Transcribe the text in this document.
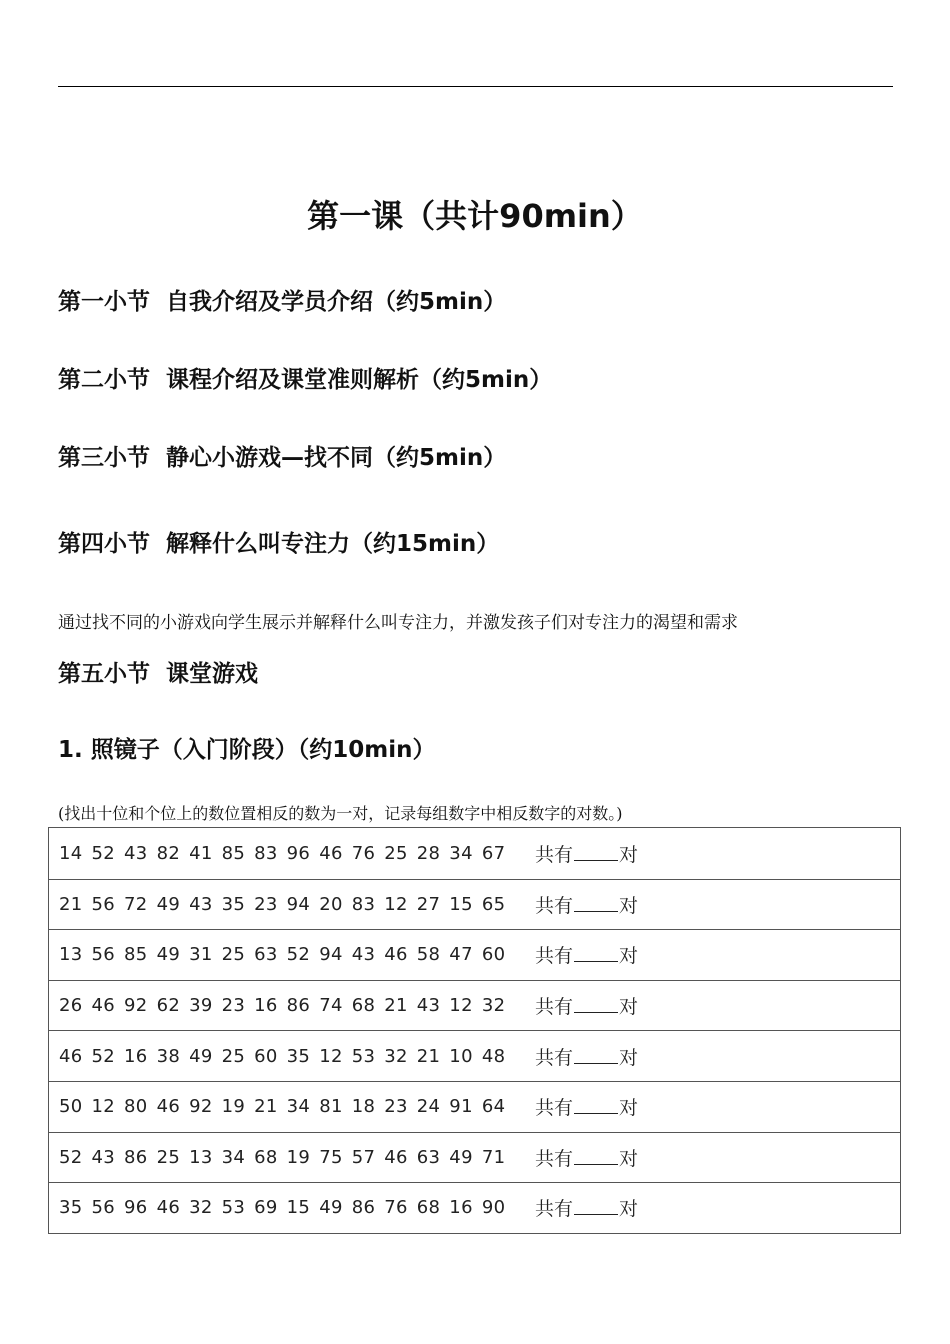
第一课（共计90min）
第一小节 自我介绍及学员介绍（约5min）
第二小节 课程介绍及课堂准则解析（约5min）
第三小节 静心小游戏—找不同（约5min）
第四小节 解释什么叫专注力（约15min）
通过找不同的小游戏向学生展示并解释什么叫专注力，并激发孩子们对专注力的渴望和需求
第五小节 课堂游戏
1. 照镜子（入门阶段）（约10min）
(找出十位和个位上的数位置相反的数为一对，记录每组数字中相反数字的对数。)
14 52 43 82 41 85 83 96 46 76 25 28 34 67	共有 对
21 56 72 49 43 35 23 94 20 83 12 27 15 65	共有 对
13 56 85 49 31 25 63 52 94 43 46 58 47 60	共有 对
26 46 92 62 39 23 16 86 74 68 21 43 12 32	共有 对
46 52 16 38 49 25 60 35 12 53 32 21 10 48	共有 对
50 12 80 46 92 19 21 34 81 18 23 24 91 64	共有 对
52 43 86 25 13 34 68 19 75 57 46 63 49 71	共有 对
35 56 96 46 32 53 69 15 49 86 76 68 16 90	共有 对
